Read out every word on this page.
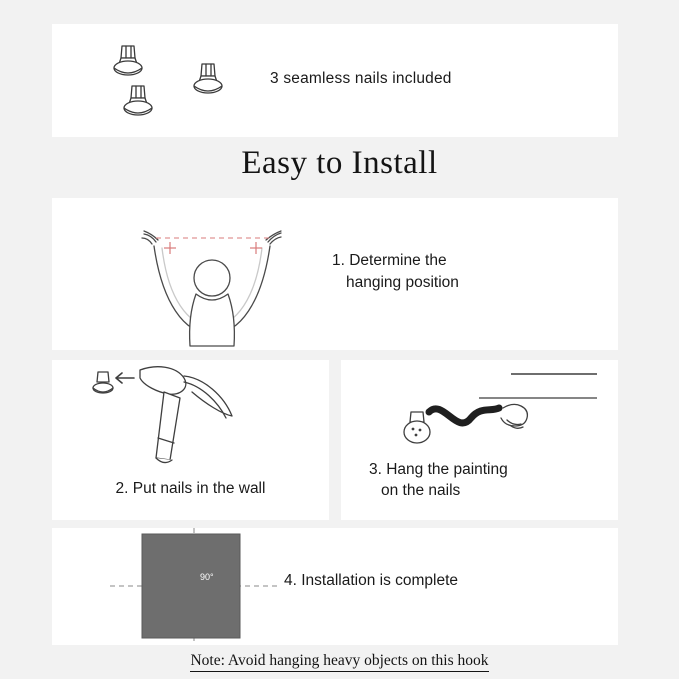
3 seamless nails included
Easy to Install
1. Determine the
hanging position
2. Put nails in the wall
3. Hang the painting
on the nails
90°	4. Installation is complete
Note: Avoid hanging heavy objects on this hook
